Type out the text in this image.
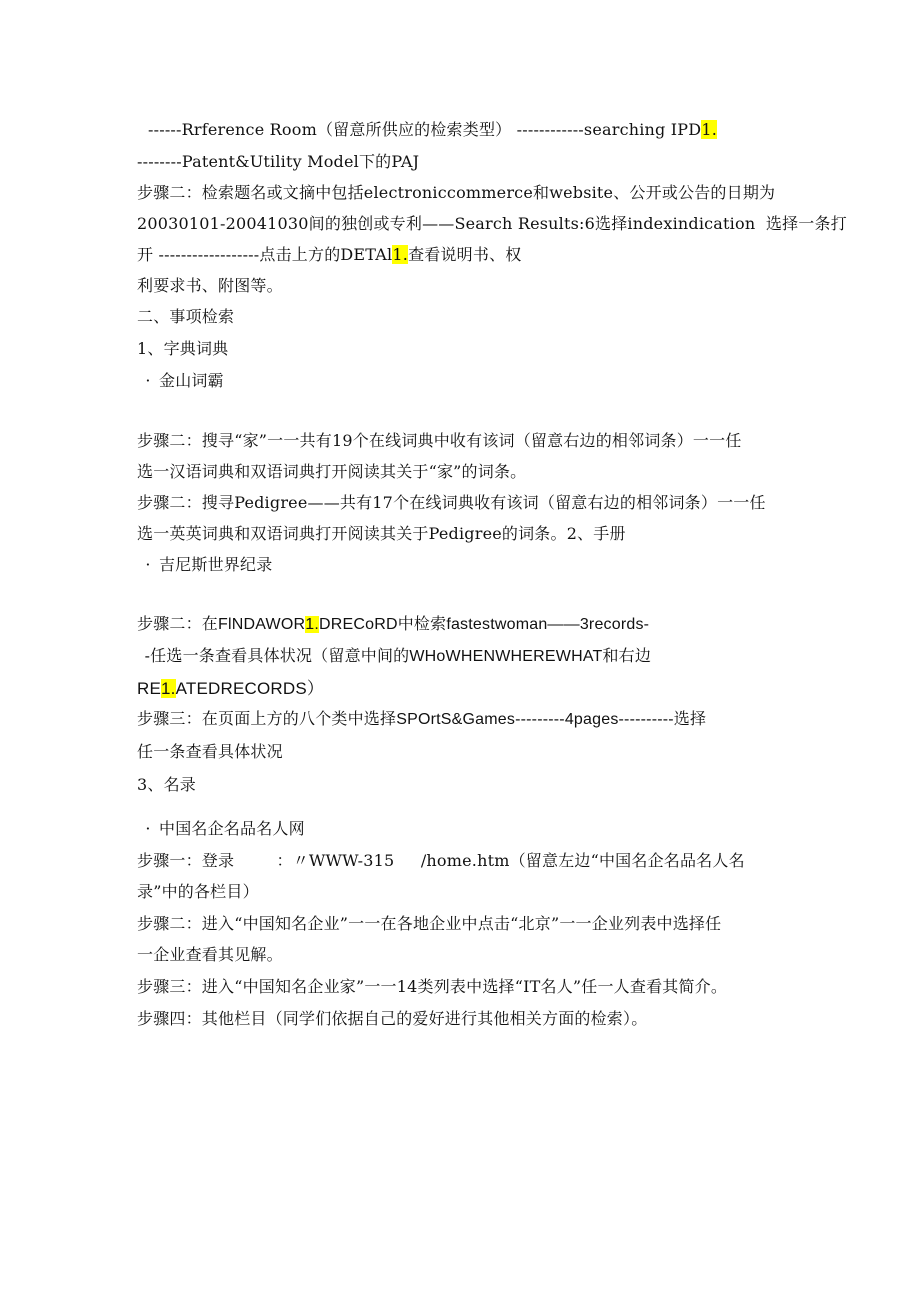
------Rrference Room（留意所供应的检索类型） ------------searching IPD1.
--------Patent&Utility Model下的PAJ
步骤二：检索题名或文摘中包括electroniccommerce和website、公开或公告的日期为
20030101-20041030间的独创或专利——Search Results:6选择indexindication  选择一条打
开 ------------------点击上方的DETAl1.查看说明书、权
利要求书、附图等。
二、事项检索
1、字典词典
· 金山词霸
步骤二：搜寻“家”一一共有19个在线词典中收有该词（留意右边的相邻词条）一一任
选一汉语词典和双语词典打开阅读其关于“家”的词条。
步骤二：搜寻Pedigree——共有17个在线词典收有该词（留意右边的相邻词条）一一任
选一英英词典和双语词典打开阅读其关于Pedigree的词条。2、手册
· 吉尼斯世界纪录
步骤二：在FlNDAWOR1.DRECoRD中检索fastestwoman——3records-
-任选一条查看具体状况（留意中间的WHoWHENWHEREWHAT和右边
RE1.ATEDRECORDS）
步骤三：在页面上方的八个类中选择SPOrtS&Games---------4pages----------选择
任一条查看具体状况
3、名录
· 中国名企名品名人网
步骤一：登录        ：〃WWW-315     /home.htm（留意左边“中国名企名品名人名
录”中的各栏目）
步骤二：进入“中国知名企业”一一在各地企业中点击“北京”一一企业列表中选择任
一企业查看其见解。
步骤三：进入“中国知名企业家”一一14类列表中选择“IT名人”任一人查看其简介。
步骤四：其他栏目（同学们依据自己的爱好进行其他相关方面的检索）。
